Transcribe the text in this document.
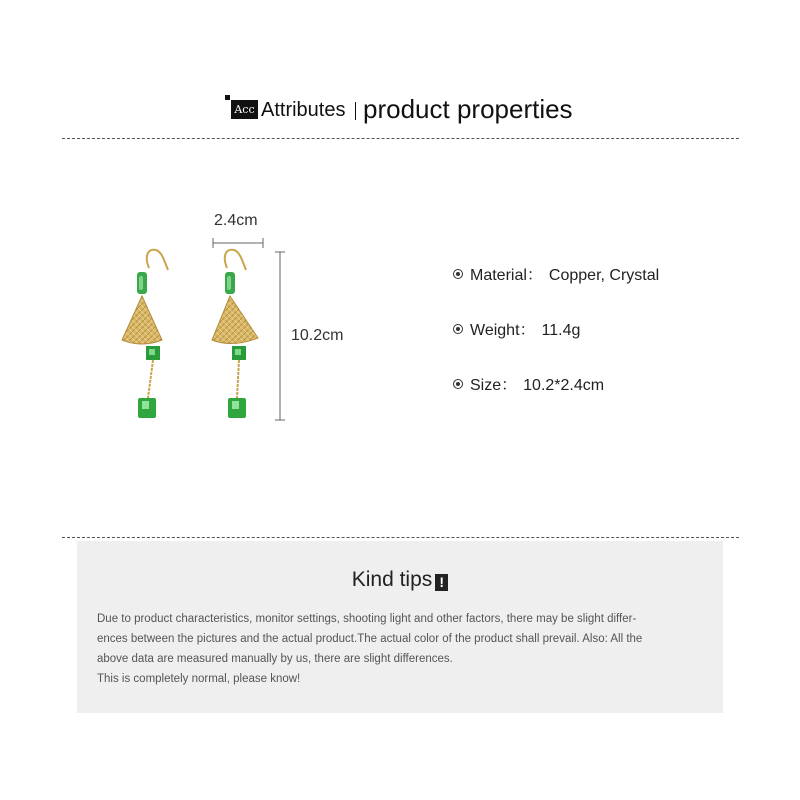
Acc Attributes product properties
2.4cm
10.2cm
Material： Copper, Crystal
Weight： 11.4g
Size： 10.2*2.4cm
Kind tips !
Due to product characteristics, monitor settings, shooting light and other factors, there may be slight differ-
ences between the pictures and the actual product.The actual color of the product shall prevail. Also: All the
above data are measured manually by us, there are slight differences.
This is completely normal, please know!
